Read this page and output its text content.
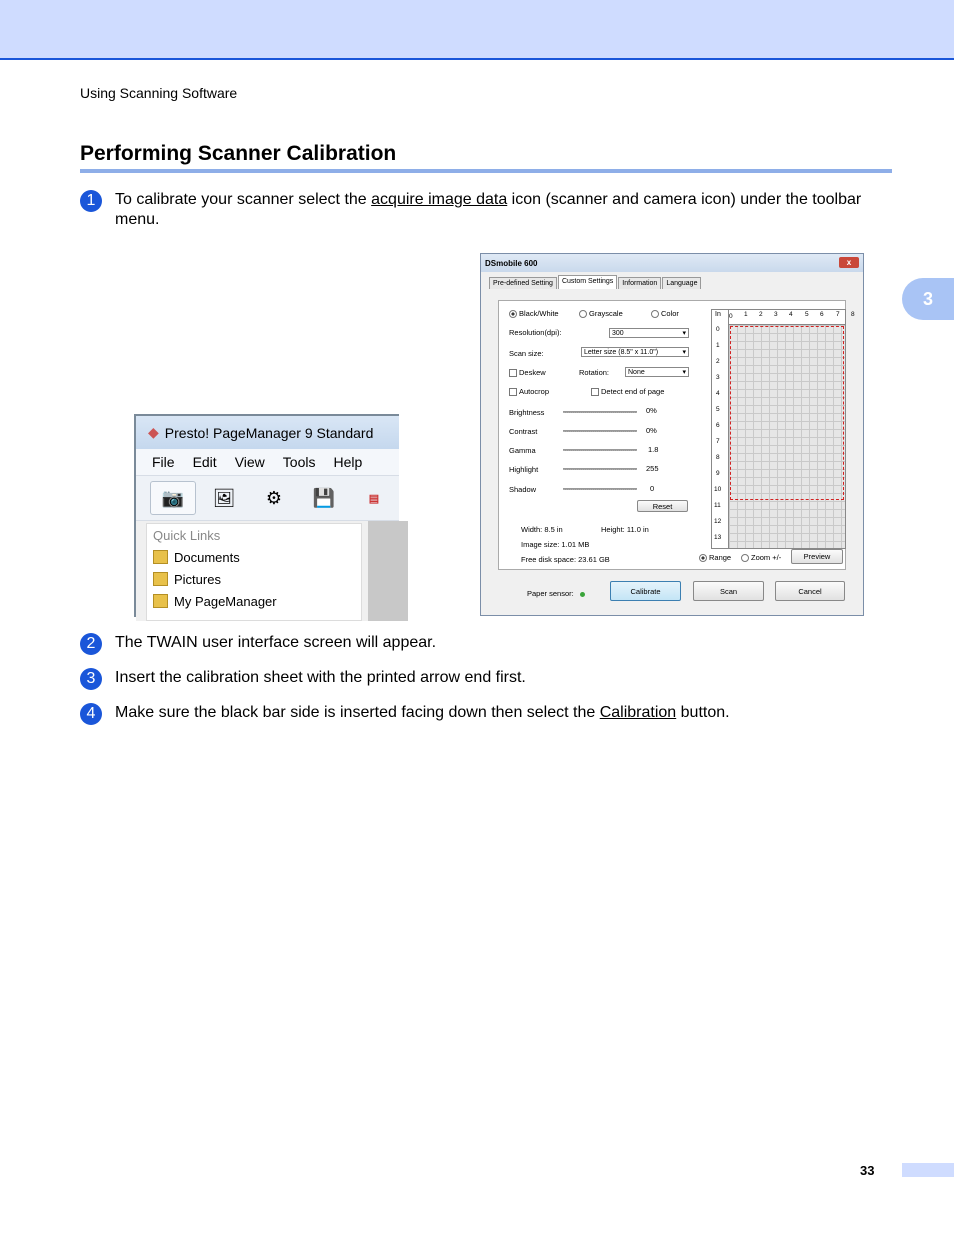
Using Scanning Software
Performing Scanner Calibration
3
1	To calibrate your scanner select the acquire image data icon (scanner and camera icon) under the toolbar menu.
◆ Presto! PageManager 9 Standard
File Edit View Tools Help
📷	🖼	⚙	💾	▤
Quick Links
Documents
Pictures
My PageManager
DSmobile 600	x
Pre-defined Setting	Custom Settings	Information	Language
Black/White	Grayscale	Color
Resolution(dpi):	300 ▾
Scan size:	Letter size (8.5" x 11.0") ▾
Deskew	Rotation:	None ▾
Autocrop	Detect end of page
Brightness	0%
Contrast	0%
Gamma	1.8
Highlight	255
Shadow	0
Reset
Width: 8.5 in	Height: 11.0 in
Image size: 1.01 MB
Free disk space: 23.61 GB
0 1 2 3 4 5 6 7 8
In
0
1
2
3
4
5
6
7
8
9
10
11
12
13
Range	Zoom +/-	Preview
Paper sensor:	Calibrate	Scan	Cancel
2	The TWAIN user interface screen will appear.
3	Insert the calibration sheet with the printed arrow end first.
4	Make sure the black bar side is inserted facing down then select the Calibration button.
33
